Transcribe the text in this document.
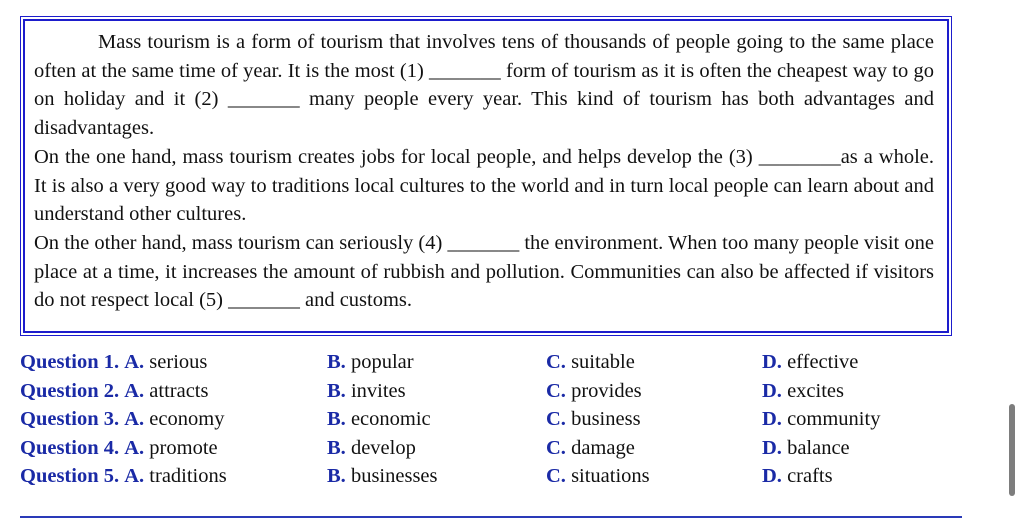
Mass tourism is a form of tourism that involves tens of thousands of people going to the same place often at the same time of year. It is the most (1) _______ form of tourism as it is often the cheapest way to go on holiday and it (2) _______ many people every year. This kind of tourism has both advantages and disadvantages.

On the one hand, mass tourism creates jobs for local people, and helps develop the (3) ________as a whole. It is also a very good way to traditions local cultures to the world and in turn local people can learn about and understand other cultures.

On the other hand, mass tourism can seriously (4) _______ the environment. When too many people visit one place at a time, it increases the amount of rubbish and pollution. Communities can also be affected if visitors do not respect local (5) _______ and customs.

Question 1. A. serious	B. popular	C. suitable	D. effective
Question 2. A. attracts	B. invites	C. provides	D. excites
Question 3. A. economy	B. economic	C. business	D. community
Question 4. A. promote	B. develop	C. damage	D. balance
Question 5. A. traditions	B. businesses	C. situations	D. crafts
